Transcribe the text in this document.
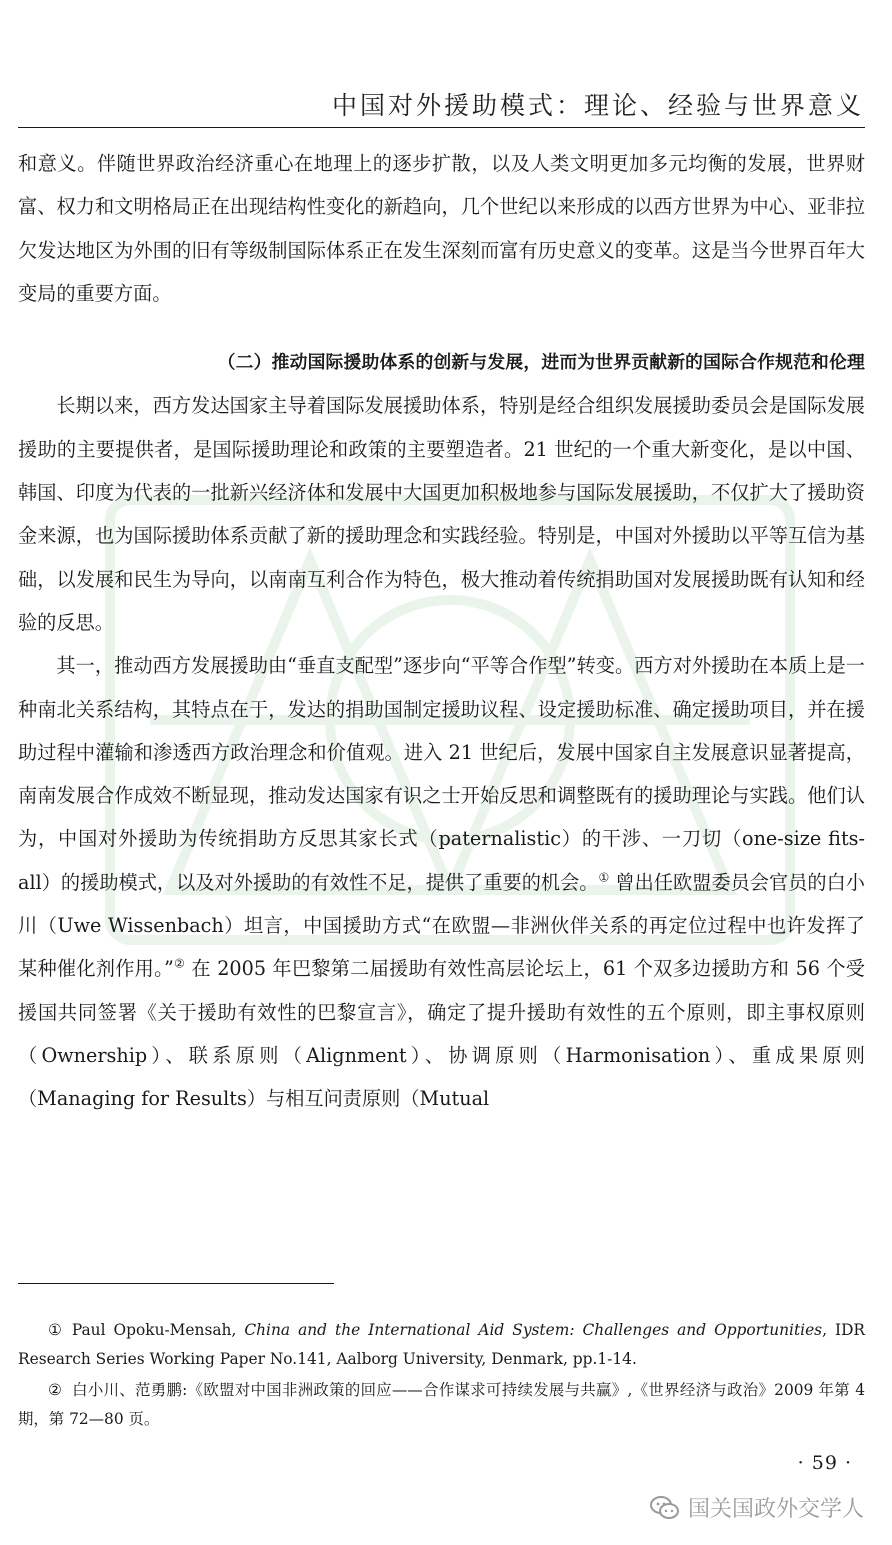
中国对外援助模式：理论、经验与世界意义

和意义。伴随世界政治经济重心在地理上的逐步扩散，以及人类文明更加多元均衡的发展，世界财富、权力和文明格局正在出现结构性变化的新趋向，几个世纪以来形成的以西方世界为中心、亚非拉欠发达地区为外围的旧有等级制国际体系正在发生深刻而富有历史意义的变革。这是当今世界百年大变局的重要方面。

（二）推动国际援助体系的创新与发展，进而为世界贡献新的国际合作规范和伦理

长期以来，西方发达国家主导着国际发展援助体系，特别是经合组织发展援助委员会是国际发展援助的主要提供者，是国际援助理论和政策的主要塑造者。21 世纪的一个重大新变化，是以中国、韩国、印度为代表的一批新兴经济体和发展中大国更加积极地参与国际发展援助，不仅扩大了援助资金来源，也为国际援助体系贡献了新的援助理念和实践经验。特别是，中国对外援助以平等互信为基础，以发展和民生为导向，以南南互利合作为特色，极大推动着传统捐助国对发展援助既有认知和经验的反思。

其一，推动西方发展援助由“垂直支配型”逐步向“平等合作型”转变。西方对外援助在本质上是一种南北关系结构，其特点在于，发达的捐助国制定援助议程、设定援助标准、确定援助项目，并在援助过程中灌输和渗透西方政治理念和价值观。进入 21 世纪后，发展中国家自主发展意识显著提高，南南发展合作成效不断显现，推动发达国家有识之士开始反思和调整既有的援助理论与实践。他们认为，中国对外援助为传统捐助方反思其家长式（paternalistic）的干涉、一刀切（one-size fits-all）的援助模式，以及对外援助的有效性不足，提供了重要的机会。① 曾出任欧盟委员会官员的白小川（Uwe Wissenbach）坦言，中国援助方式“在欧盟—非洲伙伴关系的再定位过程中也许发挥了某种催化剂作用。”② 在 2005 年巴黎第二届援助有效性高层论坛上，61 个双多边援助方和 56 个受援国共同签署《关于援助有效性的巴黎宣言》，确定了提升援助有效性的五个原则，即主事权原则（Ownership）、联系原则（Alignment）、协调原则（Harmonisation）、重成果原则（Managing for Results）与相互问责原则（Mutual

① Paul Opoku-Mensah, China and the International Aid System: Challenges and Opportunities, IDR Research Series Working Paper No.141, Aalborg University, Denmark, pp.1-14.

② 白小川、范勇鹏:《欧盟对中国非洲政策的回应——合作谋求可持续发展与共赢》,《世界经济与政治》2009 年第 4 期，第 72—80 页。

· 59 ·
国关国政外交学人
